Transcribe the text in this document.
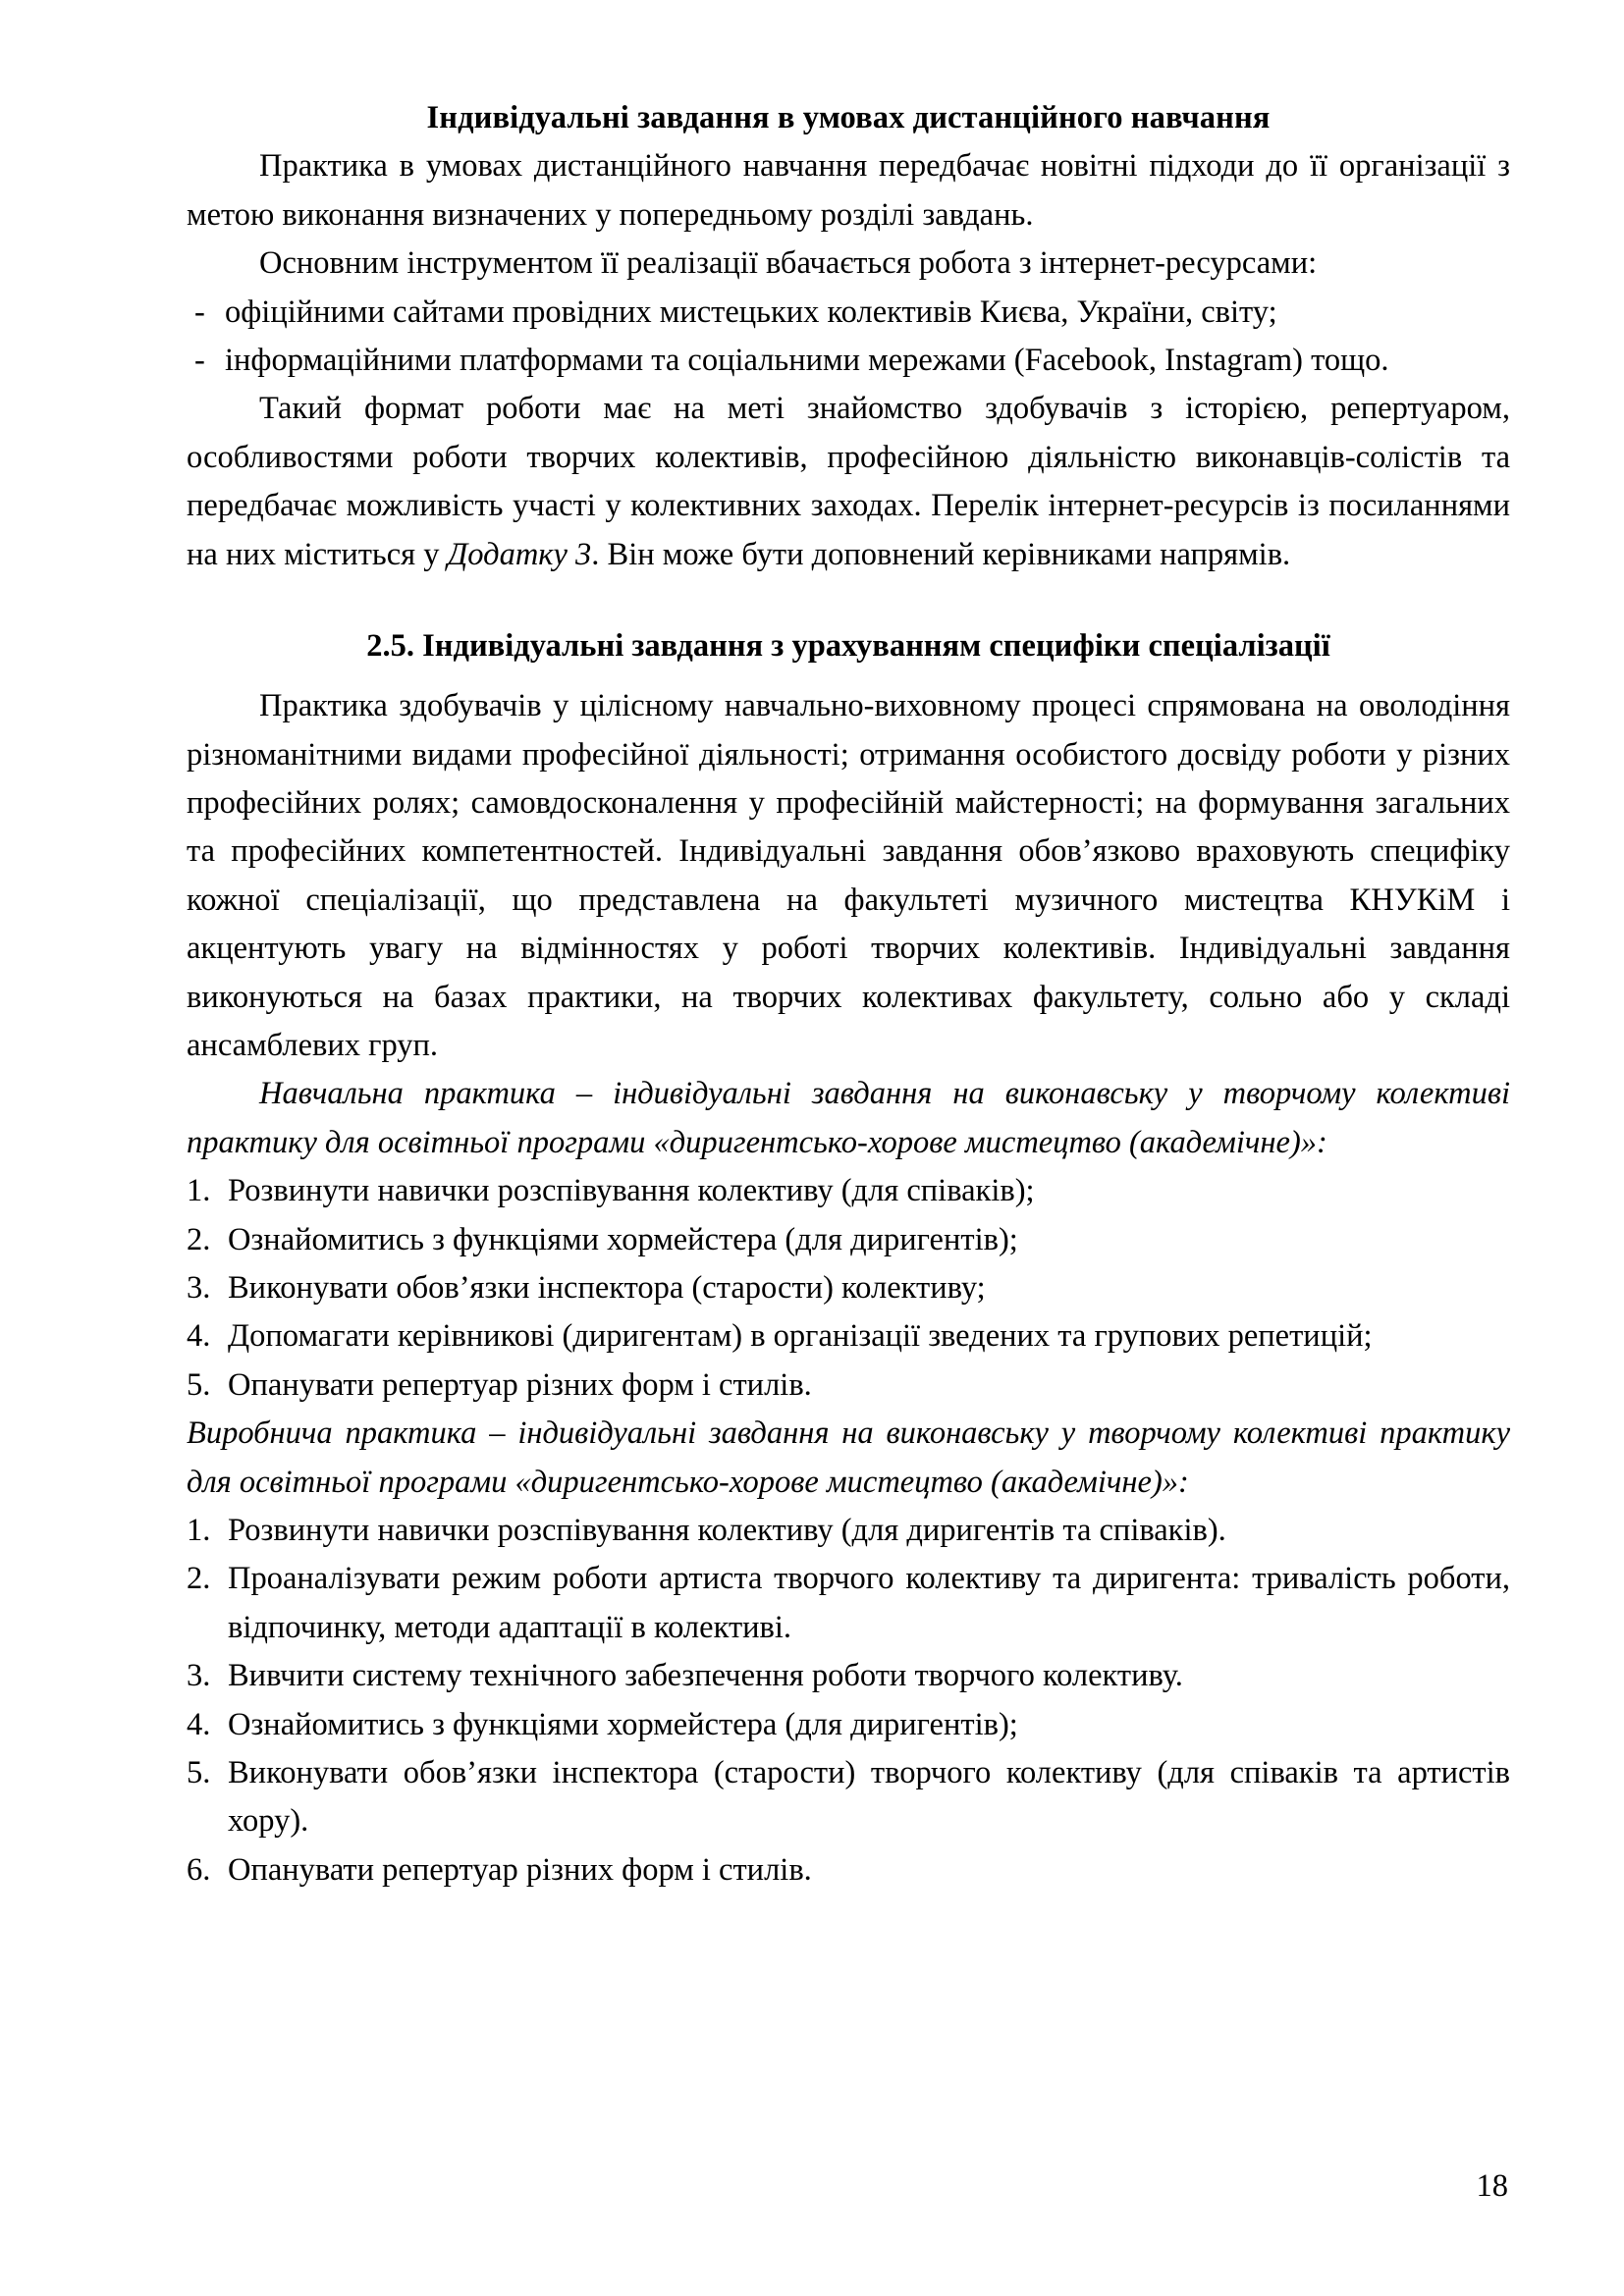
Індивідуальні завдання в умовах дистанційного навчання

Практика в умовах дистанційного навчання передбачає новітні підходи до її організації з метою виконання визначених у попередньому розділі завдань.

Основним інструментом її реалізації вбачається робота з інтернет-ресурсами:

- офіційними сайтами провідних мистецьких колективів Києва, України, світу;
- інформаційними платформами та соціальними мережами (Facebook, Instagram) тощо.

Такий формат роботи має на меті знайомство здобувачів з історією, репертуаром, особливостями роботи творчих колективів, професійною діяльністю виконавців-солістів та передбачає можливість участі у колективних заходах. Перелік інтернет-ресурсів із посиланнями на них міститься у Додатку 3. Він може бути доповнений керівниками напрямів.

2.5. Індивідуальні завдання з урахуванням специфіки спеціалізації

Практика здобувачів у цілісному навчально-виховному процесі спрямована на оволодіння різноманітними видами професійної діяльності; отримання особистого досвіду роботи у різних професійних ролях; самовдосконалення у професійній майстерності; на формування загальних та професійних компетентностей. Індивідуальні завдання обов’язково враховують специфіку кожної спеціалізації, що представлена на факультеті музичного мистецтва КНУКіМ і акцентують увагу на відмінностях у роботі творчих колективів. Індивідуальні завдання виконуються на базах практики, на творчих колективах факультету, сольно або у складі ансамблевих груп.

Навчальна практика – індивідуальні завдання на виконавську у творчому колективі практику для освітньої програми «диригентсько-хорове мистецтво (академічне)»:

1. Розвинути навички розспівування колективу (для співаків);
2. Ознайомитись з функціями хормейстера (для диригентів);
3. Виконувати обов’язки інспектора (старости) колективу;
4. Допомагати керівникові (диригентам) в організації зведених та групових репетицій;
5. Опанувати репертуар різних форм і стилів.

Виробнича практика – індивідуальні завдання на виконавську у творчому колективі практику для освітньої програми «диригентсько-хорове мистецтво (академічне)»:

1. Розвинути навички розспівування колективу (для диригентів та співаків).
2. Проаналізувати режим роботи артиста творчого колективу та диригента: тривалість роботи, відпочинку, методи адаптації в колективі.
3. Вивчити систему технічного забезпечення роботи творчого колективу.
4. Ознайомитись з функціями хормейстера (для диригентів);
5. Виконувати обов’язки інспектора (старости) творчого колективу (для співаків та артистів хору).
6. Опанувати репертуар різних форм і стилів.
18
